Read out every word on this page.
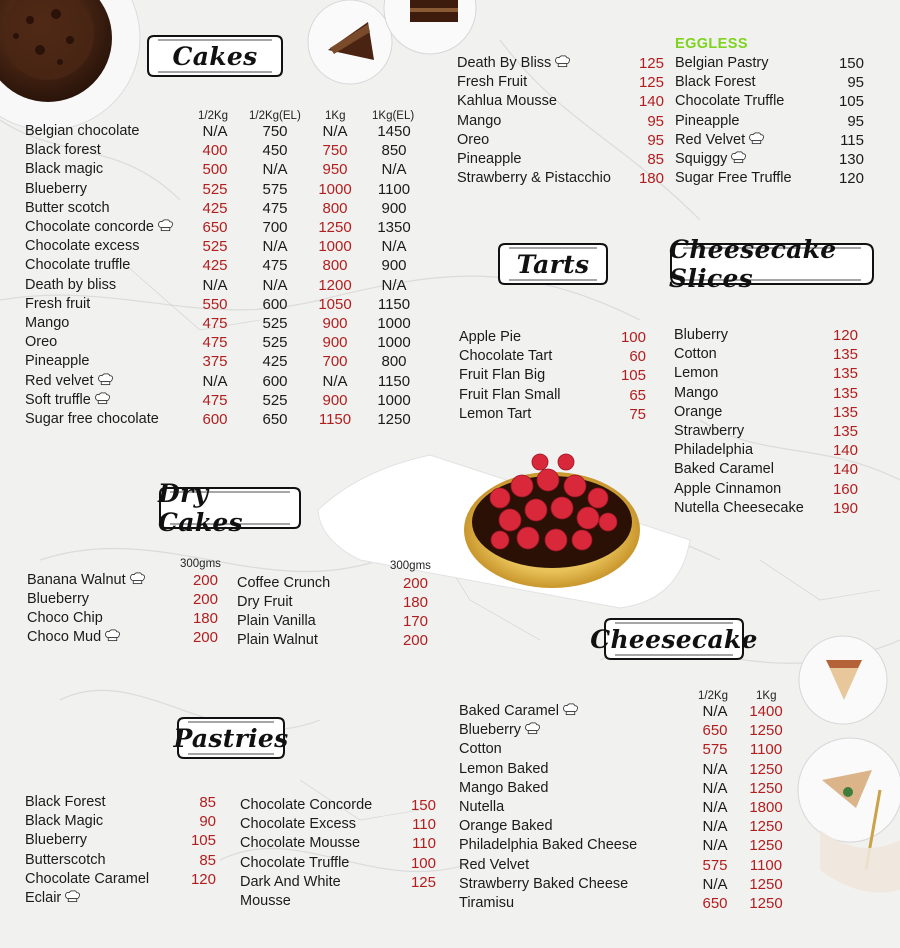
Cakes
1/2Kg 1/2Kg(EL) 1Kg 1Kg(EL)
Belgian chocolate	N/A	750	N/A	1450
Black forest	400	450	750	850
Black magic	500	N/A	950	N/A
Blueberry	525	575	1000	1100
Butter scotch	425	475	800	900
Chocolate concorde	650	700	1250	1350
Chocolate excess	525	N/A	1000	N/A
Chocolate truffle	425	475	800	900
Death by bliss	N/A	N/A	1200	N/A
Fresh fruit	550	600	1050	1150
Mango	475	525	900	1000
Oreo	475	525	900	1000
Pineapple	375	425	700	800
Red velvet	N/A	600	N/A	1150
Soft truffle	475	525	900	1000
Sugar free chocolate	600	650	1150	1250
Death By Bliss	125
Fresh Fruit	125
Kahlua Mousse	140
Mango	95
Oreo	95
Pineapple	85
Strawberry & Pistacchio	180
EGGLESS
Belgian Pastry	150
Black Forest	95
Chocolate Truffle	105
Pineapple	95
Red Velvet	115
Squiggy	130
Sugar Free Truffle	120
Tarts
Apple Pie	100
Chocolate Tart	60
Fruit Flan Big	105
Fruit Flan Small	65
Lemon Tart	75
Cheesecake Slices
Bluberry	120
Cotton	135
Lemon	135
Mango	135
Orange	135
Strawberry	135
Philadelphia	140
Baked Caramel	140
Apple Cinnamon	160
Nutella Cheesecake	190
Dry Cakes
300gms	300gms
Banana Walnut	200
Blueberry	200
Choco Chip	180
Choco Mud	200
Coffee Crunch	200
Dry Fruit	180
Plain Vanilla	170
Plain Walnut	200
Pastries
Black Forest	85
Black Magic	90
Blueberry	105
Butterscotch	85
Chocolate Caramel	120
Eclair
Chocolate Concorde	150
Chocolate Excess	110
Chocolate Mousse	110
Chocolate Truffle	100
Dark And White	125
Mousse
Cheesecake
1/2Kg 1Kg
Baked Caramel	N/A	1400
Blueberry	650	1250
Cotton	575	1100
Lemon Baked	N/A	1250
Mango Baked	N/A	1250
Nutella	N/A	1800
Orange Baked	N/A	1250
Philadelphia Baked Cheese	N/A	1250
Red Velvet	575	1100
Strawberry Baked Cheese	N/A	1250
Tiramisu	650	1250
